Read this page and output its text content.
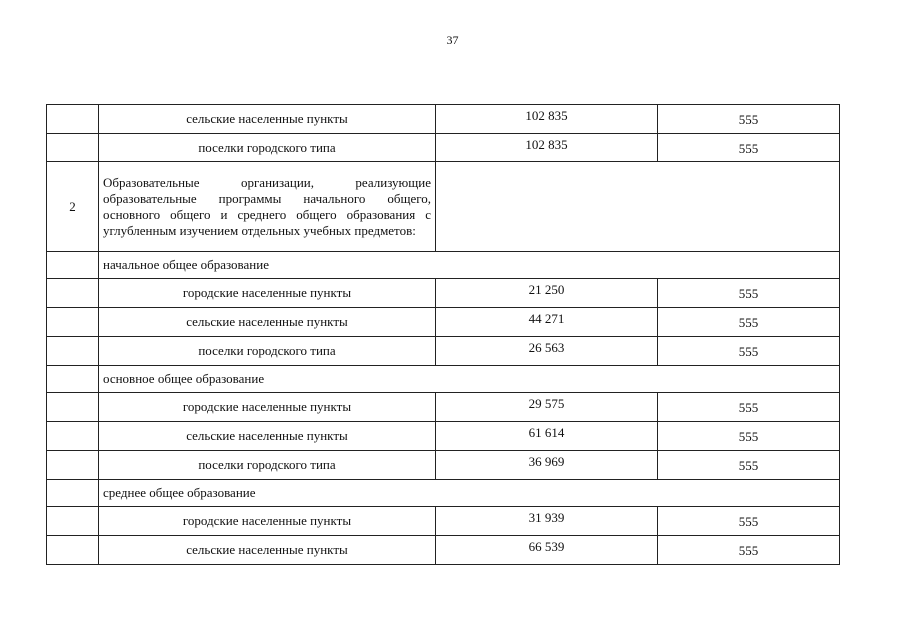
37
	сельские населенные пункты	102 835	555
	поселки городского типа	102 835	555
2	Образовательные организации, реализующие образовательные программы начального общего, основного общего и среднего общего образования с углубленным изучением отдельных учебных предметов:		
	начальное общее образование		
	городские населенные пункты	21 250	555
	сельские населенные пункты	44 271	555
	поселки городского типа	26 563	555
	основное общее образование		
	городские населенные пункты	29 575	555
	сельские населенные пункты	61 614	555
	поселки городского типа	36 969	555
	среднее общее образование		
	городские населенные пункты	31 939	555
	сельские населенные пункты	66 539	555
